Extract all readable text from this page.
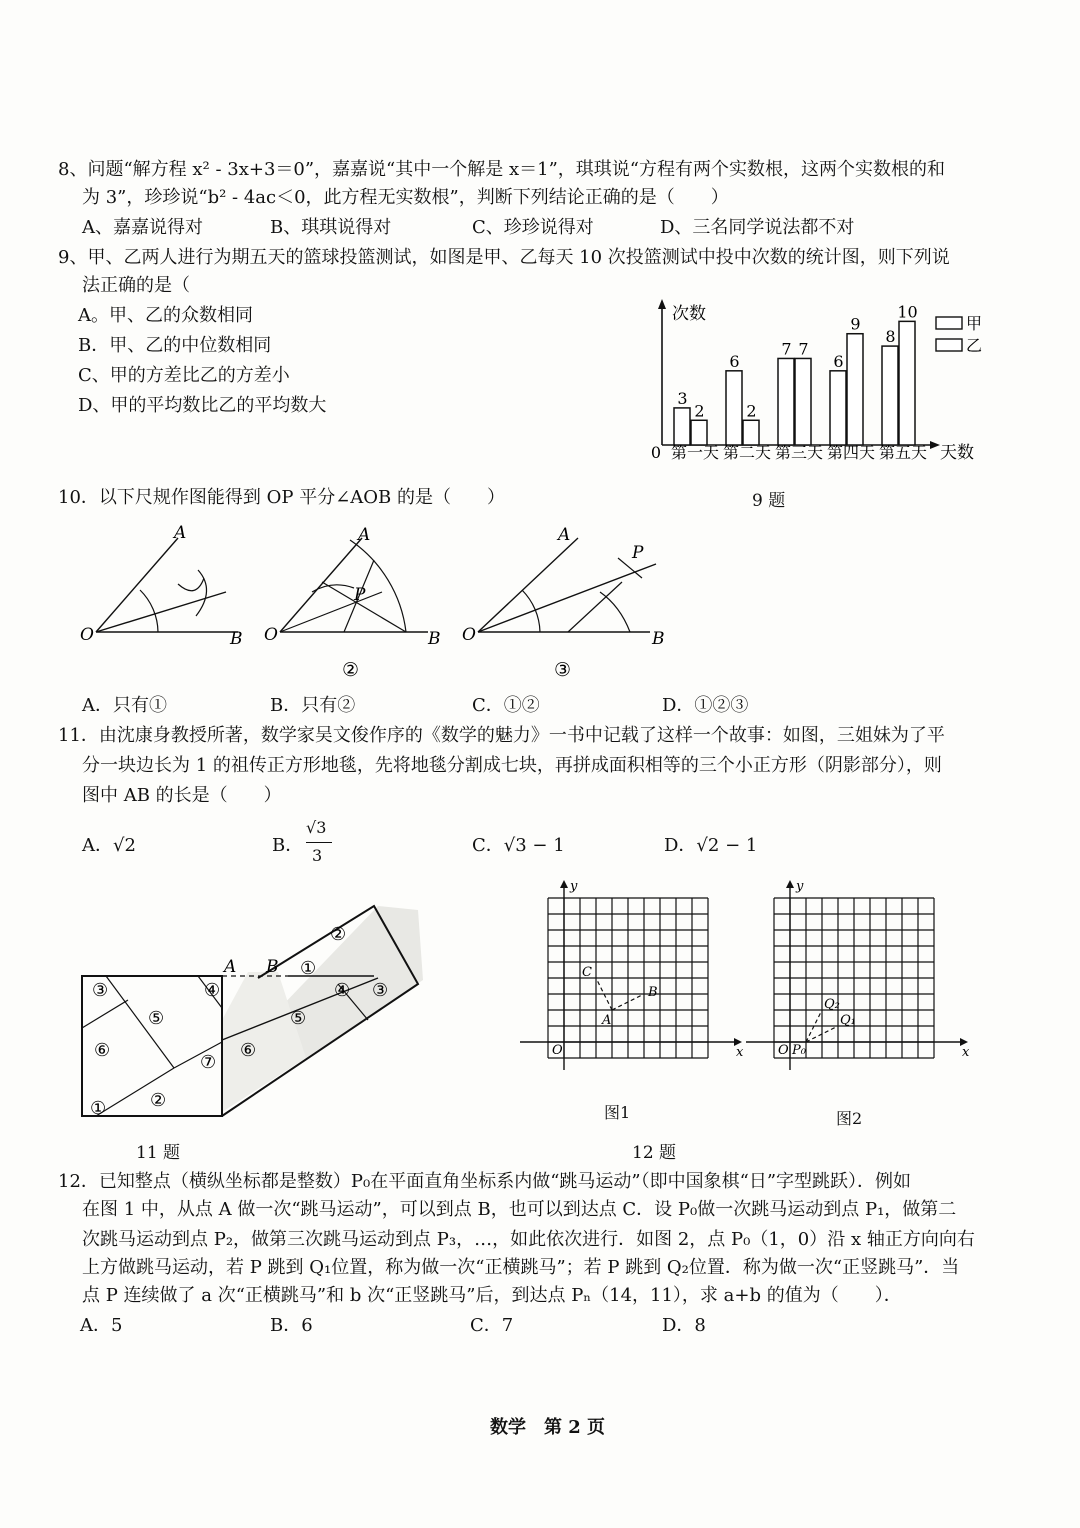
8、问题“解方程 x² - 3x+3＝0”，嘉嘉说“其中一个解是 x＝1”，琪琪说“方程有两个实数根，这两个实数根的和
为 3”，珍珍说“b² - 4ac＜0，此方程无实数根”，判断下列结论正确的是（　　）
A、嘉嘉说得对	B、琪琪说得对	C、珍珍说得对	D、三名同学说法都不对
9、甲、乙两人进行为期五天的篮球投篮测试，如图是甲、乙每天 10 次投篮测试中投中次数的统计图，则下列说
法正确的是（
A。甲、乙的众数相同
B．甲、乙的中位数相同
C、甲的方差比乙的方差小
D、甲的平均数比乙的平均数大
次数
天数
0
3
2
6
2
7 7
6
9
8
10
第一天 第二天 第三天 第四天 第五天
甲
乙
9 题
10．以下尺规作图能得到 OP 平分∠AOB 的是（　　）
O
A
B O
A
P
B
②
O
A
P
B
③
A．只有①	B．只有②	C．①②	D．①②③
11．由沈康身教授所著，数学家吴文俊作序的《数学的魅力》一书中记载了这样一个故事：如图，三姐妹为了平
分一块边长为 1 的祖传正方形地毯，先将地毯分割成七块，再拼成面积相等的三个小正方形（阴影部分），则
图中 AB 的长是（　　）
A．√2	B．
√3
3	C．√3 − 1	D．√2 − 1
A B
③	④
⑤
⑥
⑦
②
①
⑥
⑤
①
④ ③
②
11 题
O	x
y
A
B
C
O	x
y
P₀
Q₁
Q₂
图1	图2
12 题
12．已知整点（横纵坐标都是整数）P₀在平面直角坐标系内做“跳马运动”（即中国象棋“日”字型跳跃）．例如
在图 1 中，从点 A 做一次“跳马运动”，可以到点 B，也可以到达点 C．设 P₀做一次跳马运动到点 P₁，做第二
次跳马运动到点 P₂，做第三次跳马运动到点 P₃，…，如此依次进行．如图 2，点 P₀（1，0）沿 x 轴正方向向右
上方做跳马运动，若 P 跳到 Q₁位置，称为做一次“正横跳马”；若 P 跳到 Q₂位置．称为做一次“正竖跳马”．当
点 P 连续做了 a 次“正横跳马”和 b 次“正竖跳马”后，到达点 Pₙ（14，11），求 a+b 的值为（　　）．
A．5	B．6	C．7	D．8
数学　第 2 页
